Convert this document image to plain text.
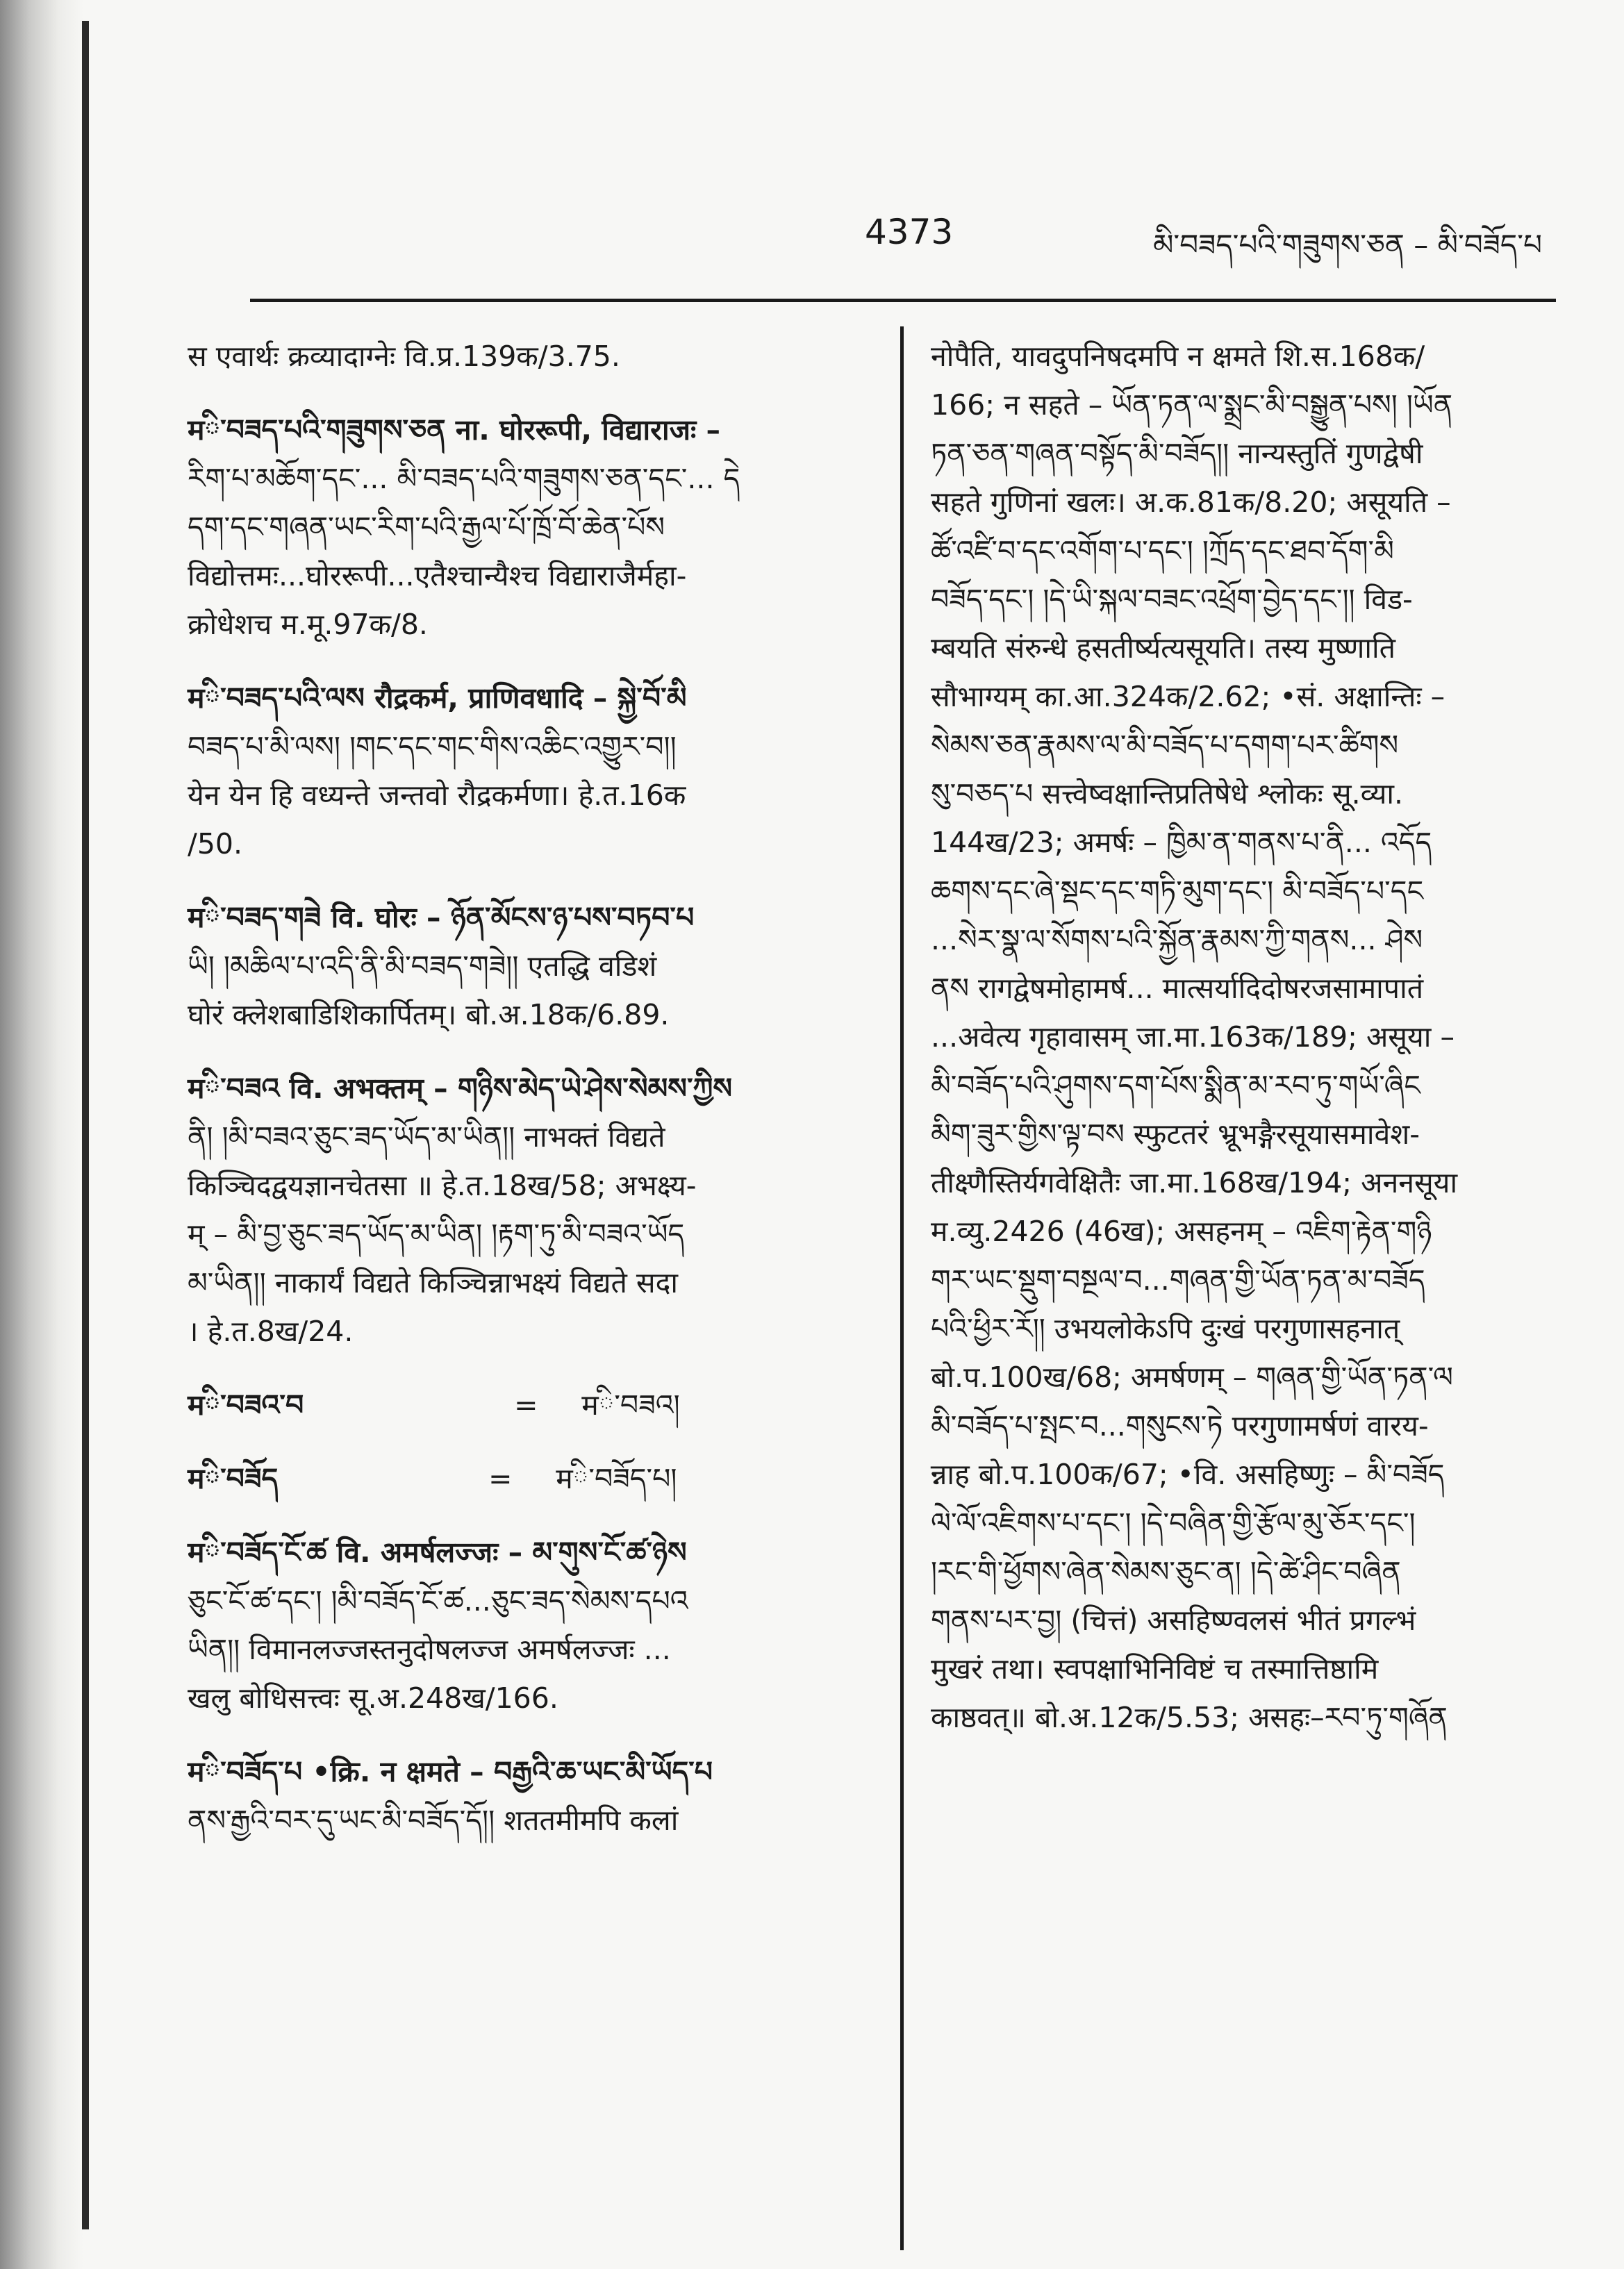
4373	མི་བཟད་པའི་གཟུགས་ཅན – མི་བཟོད་པ

स एवार्थः क्रव्यादाग्नेः वि.प्र.139क/3.75.

मི་བཟད་པའི་གཟུགས་ཅན ना. घोररूपी, विद्याराजः –

རིག་པ་མཆོག་དང་... མི་བཟད་པའི་གཟུགས་ཅན་དང་... དེ

དག་དང་གཞན་ཡང་རིག་པའི་རྒྱལ་པོ་ཁྲོ་བོ་ཆེན་པོས

विद्योत्तमः...घोररूपी...एतैश्चान्यैश्च विद्याराजैर्महा-

क्रोधेशच म.मू.97क/8.

मི་བཟད་པའི་ལས रौद्रकर्म, प्राणिवधादि – སྐྱེ་བོ་མི

བཟད་པ་མི་ལས། །གང་དང་གང་གིས་འཆིང་འགྱུར་བ།།

येन येन हि वध्यन्ते जन्तवो रौद्रकर्मणा। हे.त.16क

/50.

मི་བཟད་གཟེ वि. घोरः – ཉོན་མོངས་ཉ་པས་བཏབ་པ

ཡི། །མཆིལ་པ་འདི་ནི་མི་བཟད་གཟེ།། एतद्धि वडिशं

घोरं क्लेशबाडिशिकार्पितम्। बो.अ.18क/6.89.

मི་བཟའ वि. अभक्तम् – གཉིས་མེད་ཡེ་ཤེས་སེམས་ཀྱིས

ནི། །མི་བཟའ་ཅུང་ཟད་ཡོད་མ་ཡིན།། नाभक्तं विद्यते

किञ्चिदद्वयज्ञानचेतसा ॥ हे.त.18ख/58; अभक्ष्य-

म् – མི་བྱ་ཅུང་ཟད་ཡོད་མ་ཡིན། །རྟག་ཏུ་མི་བཟའ་ཡོད

མ་ཡིན།། नाकार्यं विद्यते किञ्चिन्नाभक्ष्यं विद्यते सदा

। हे.त.8ख/24.

मི་བཟའ་བ	=	मི་བཟའ།
मི་བཟོད	=	मི་བཟོད་པ།

मི་བཟོད་ངོ་ཚ वि. अमर्षलज्जः – མ་གུས་ངོ་ཚ་ཉེས

ཅུང་ངོ་ཚ་དང་། །མི་བཟོད་ངོ་ཚ...ཅུང་ཟད་སེམས་དཔའ

ཡིན།། विमानलज्जस्तनुदोषलज्ज अमर्षलज्जः ...

खलु बोधिसत्त्वः सू.अ.248ख/166.

मི་བཟོད་པ •क्रि. न क्षमते – བརྒྱའི་ཆ་ཡང་མི་ཡོད་པ

ནས་རྒྱའི་བར་དུ་ཡང་མི་བཟོད་དོ།། शततमीमपि कलां

नोपैति, यावदुपनिषदमपि न क्षमते शि.स.168क/

166; न सहते – ཡོན་ཏན་ལ་སྨྲང་མི་བསྒྱུན་པས། །ཡོན

ཏན་ཅན་གཞན་བསྟོད་མི་བཟོད།། नान्यस्तुतिं गुणद्वेषी

सहते गुणिनां खलः। अ.क.81क/8.20; असूयति –

ཚོ་འཛི་བ་དང་འགོག་པ་དང་། །ཀྲོད་དང་ཐབ་དོག་མི

བཟོད་དང་། །དེ་ཡི་སྐལ་བཟང་འཕྲོག་བྱེད་དང་།། विड-

म्बयति संरुन्धे हसतीर्ष्यत्यसूयति। तस्य मुष्णाति

सौभाग्यम् का.आ.324क/2.62; •सं. अक्षान्तिः –

སེམས་ཅན་རྣམས་ལ་མི་བཟོད་པ་དགག་པར་ཚིགས

སུ་བཅད་པ सत्त्वेष्वक्षान्तिप्रतिषेधे श्लोकः सू.व्या.

144ख/23; अमर्षः – ཁྱིམ་ན་གནས་པ་ནི... འདོད

ཆགས་དང་ཞེ་སྡང་དང་གཏི་མུག་དང་། མི་བཟོད་པ་དང

...སེར་སྣ་ལ་སོགས་པའི་སྐྱོན་རྣམས་ཀྱི་གནས... ཤེས

ནས रागद्वेषमोहामर्ष... मात्सर्यादिदोषरजसामापातं

...अवेत्य गृहावासम् जा.मा.163क/189; असूया –

མི་བཟོད་པའི་ཤུགས་དག་པོས་སྨིན་མ་རབ་ཏུ་གཡོ་ཞིང

མིག་ཟུར་གྱིས་ལྟ་བས स्फुटतरं भ्रूभङ्गैरसूयासमावेश-

तीक्ष्णैस्तिर्यगवेक्षितैः जा.मा.168ख/194; अननसूया

म.व्यु.2426 (46ख); असहनम् – འཇིག་རྟེན་གཉི

གར་ཡང་སྡུག་བསྔལ་བ...གཞན་གྱི་ཡོན་ཏན་མ་བཟོད

པའི་ཕྱིར་རོ།། उभयलोकेऽपि दुःखं परगुणासहनात्

बो.प.100ख/68; अमर्षणम् – གཞན་གྱི་ཡོན་ཏན་ལ

མི་བཟོད་པ་སྤང་བ...གསུངས་ཏེ परगुणामर्षणं वारय-

न्नाह बो.प.100क/67; •वि. असहिष्णुः – མི་བཟོད

ལེ་ལོ་འཇིགས་པ་དང་། །དེ་བཞིན་གྱི་རྩོལ་མུ་ཅོར་དང་།

།རང་གི་ཕྱོགས་ཞེན་སེམས་ཅུང་ན། །དེ་ཚེ་ཤིང་བཞིན

གནས་པར་བྱ། (चित्तं) असहिष्ण्वलसं भीतं प्रगल्भं

मुखरं तथा। स्वपक्षाभिनिविष्टं च तस्मात्तिष्ठामि

काष्ठवत्॥ बो.अ.12क/5.53; असहः–རབ་ཏུ་གཞོན
